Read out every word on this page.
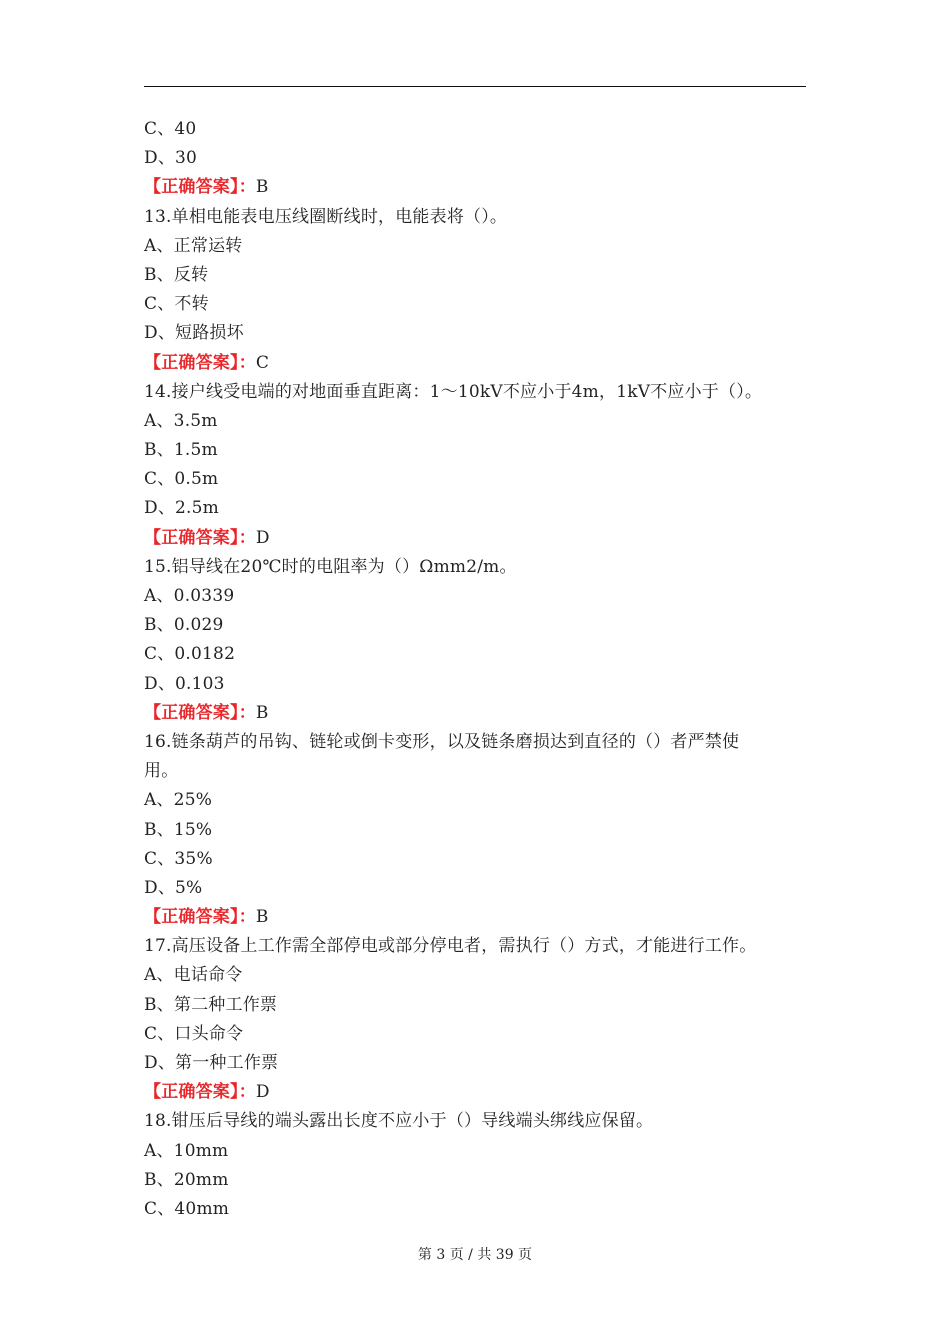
C、40
D、30
【正确答案】：B
13.单相电能表电压线圈断线时，电能表将（）。
A、正常运转
B、反转
C、不转
D、短路损坏
【正确答案】：C
14.接户线受电端的对地面垂直距离：1～10kV不应小于4m，1kV不应小于（）。
A、3.5m
B、1.5m
C、0.5m
D、2.5m
【正确答案】：D
15.铝导线在20℃时的电阻率为（）Ωmm2/m。
A、0.0339
B、0.029
C、0.0182
D、0.103
【正确答案】：B
16.链条葫芦的吊钩、链轮或倒卡变形，以及链条磨损达到直径的（）者严禁使
用。
A、25%
B、15%
C、35%
D、5%
【正确答案】：B
17.高压设备上工作需全部停电或部分停电者，需执行（）方式，才能进行工作。
A、电话命令
B、第二种工作票
C、口头命令
D、第一种工作票
【正确答案】：D
18.钳压后导线的端头露出长度不应小于（）导线端头绑线应保留。
A、10mm
B、20mm
C、40mm
第 3 页 / 共 39 页
